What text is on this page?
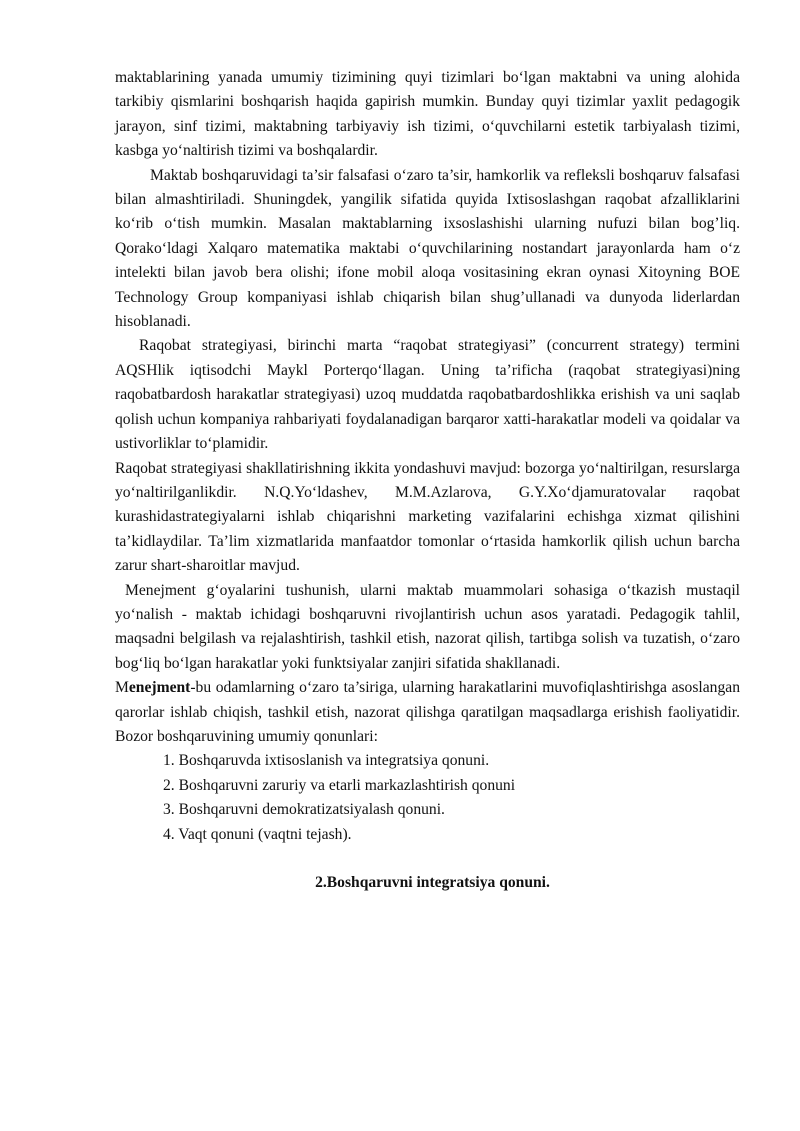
maktablarining yanada umumiy tizimining quyi tizimlari bo‘lgan maktabni va uning alohida tarkibiy qismlarini boshqarish haqida gapirish mumkin. Bunday quyi tizimlar yaxlit pedagogik jarayon, sinf tizimi, maktabning tarbiyaviy ish tizimi, o‘quvchilarni estetik tarbiyalash tizimi, kasbga yo‘naltirish tizimi va boshqalardir.

Maktab boshqaruvidagi ta’sir falsafasi o‘zaro ta’sir, hamkorlik va refleksli boshqaruv falsafasi bilan almashtiriladi. Shuningdek, yangilik sifatida quyida Ixtisoslashgan raqobat afzalliklarini ko‘rib o‘tish mumkin. Masalan maktablarning ixsoslashishi ularning nufuzi bilan bog’liq. Qorako‘ldagi Xalqaro matematika maktabi o‘quvchilarining nostandart jarayonlarda ham o‘z intelekti bilan javob bera olishi; ifone mobil aloqa vositasining ekran oynasi Xitoyning BOE Technology Group kompaniyasi ishlab chiqarish bilan shug’ullanadi va dunyoda liderlardan hisoblanadi.

Raqobat strategiyasi, birinchi marta “raqobat strategiyasi” (concurrent strategy) termini AQSHlik iqtisodchi Maykl Porterqo‘llagan. Uning ta’rificha (raqobat strategiyasi)ning raqobatbardosh harakatlar strategiyasi) uzoq muddatda raqobatbardoshlikka erishish va uni saqlab qolish uchun kompaniya rahbariyati foydalanadigan barqaror xatti-harakatlar modeli va qoidalar va ustivorliklar to‘plamidir.

Raqobat strategiyasi shakllatirishning ikkita yondashuvi mavjud: bozorga yo‘naltirilgan, resurslarga yo‘naltirilganlikdir. N.Q.Yo‘ldashev, M.M.Azlarova, G.Y.Xo‘djamuratovalar raqobat kurashidastrategiyalarni ishlab chiqarishni marketing vazifalarini echishga xizmat qilishini ta’kidlaydilar. Ta’lim xizmatlarida manfaatdor tomonlar o‘rtasida hamkorlik qilish uchun barcha zarur shart-sharoitlar mavjud.

Menejment g‘oyalarini tushunish, ularni maktab muammolari sohasiga o‘tkazish mustaqil yo‘nalish - maktab ichidagi boshqaruvni rivojlantirish uchun asos yaratadi. Pedagogik tahlil, maqsadni belgilash va rejalashtirish, tashkil etish, nazorat qilish, tartibga solish va tuzatish, o‘zaro bog‘liq bo‘lgan harakatlar yoki funktsiyalar zanjiri sifatida shakllanadi.

Menejment-bu odamlarning o‘zaro ta’siriga, ularning harakatlarini muvofiqlashtirishga asoslangan qarorlar ishlab chiqish, tashkil etish, nazorat qilishga qaratilgan maqsadlarga erishish faoliyatidir. Bozor boshqaruvining umumiy qonunlari:

1. Boshqaruvda ixtisoslanish va integratsiya qonuni.
2. Boshqaruvni zaruriy va etarli markazlashtirish qonuni
3. Boshqaruvni demokratizatsiyalash qonuni.
4. Vaqt qonuni (vaqtni tejash).

2.Boshqaruvni integratsiya qonuni.
